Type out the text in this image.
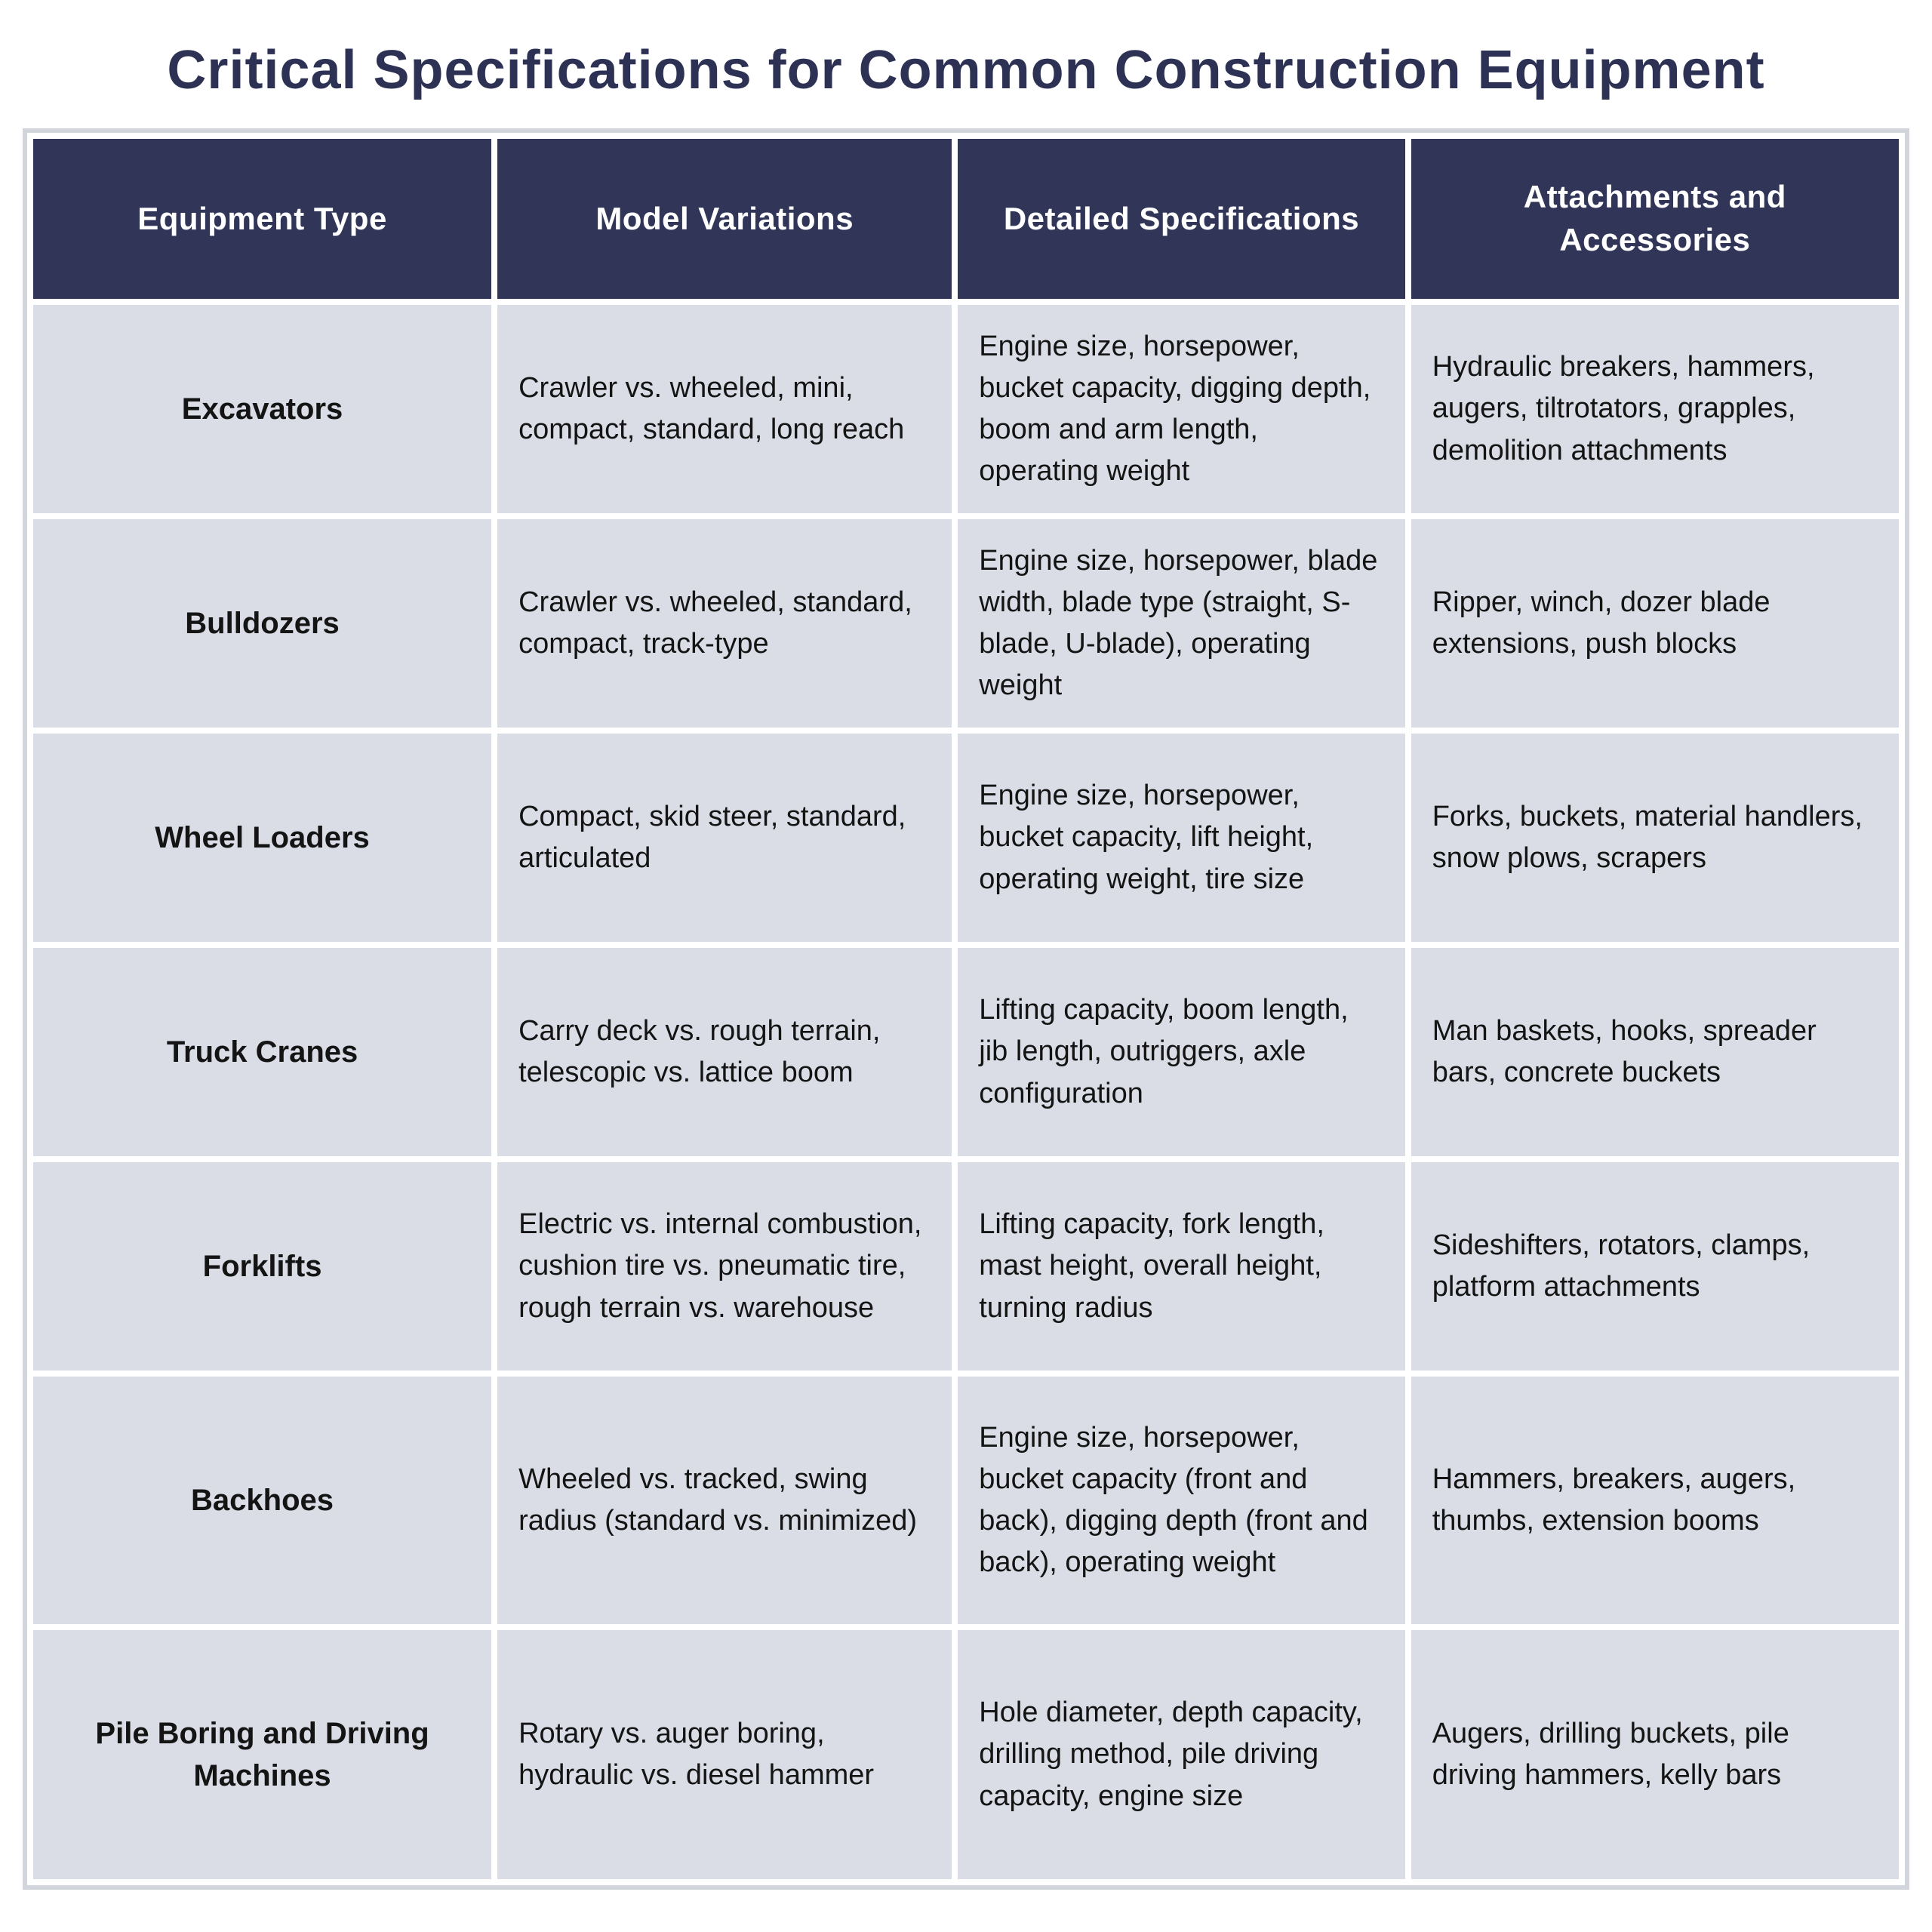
Critical Specifications for Common Construction Equipment
Equipment Type	Model Variations	Detailed Specifications	Attachments and Accessories
Excavators	Crawler vs. wheeled, mini, compact, standard, long reach	Engine size, horsepower, bucket capacity, digging depth, boom and arm length, operating weight	Hydraulic breakers, hammers, augers, tiltrotators, grapples, demolition attachments
Bulldozers	Crawler vs. wheeled, standard, compact, track-type	Engine size, horsepower, blade width, blade type (straight, S-blade, U-blade), operating weight	Ripper, winch, dozer blade extensions, push blocks
Wheel Loaders	Compact, skid steer, standard, articulated	Engine size, horsepower, bucket capacity, lift height, operating weight, tire size	Forks, buckets, material handlers, snow plows, scrapers
Truck Cranes	Carry deck vs. rough terrain, telescopic vs. lattice boom	Lifting capacity, boom length, jib length, outriggers, axle configuration	Man baskets, hooks, spreader bars, concrete buckets
Forklifts	Electric vs. internal combustion, cushion tire vs. pneumatic tire, rough terrain vs. warehouse	Lifting capacity, fork length, mast height, overall height, turning radius	Sideshifters, rotators, clamps, platform attachments
Backhoes	Wheeled vs. tracked, swing radius (standard vs. minimized)	Engine size, horsepower, bucket capacity (front and back), digging depth (front and back), operating weight	Hammers, breakers, augers, thumbs, extension booms
Pile Boring and Driving Machines	Rotary vs. auger boring, hydraulic vs. diesel hammer	Hole diameter, depth capacity, drilling method, pile driving capacity, engine size	Augers, drilling buckets, pile driving hammers, kelly bars
